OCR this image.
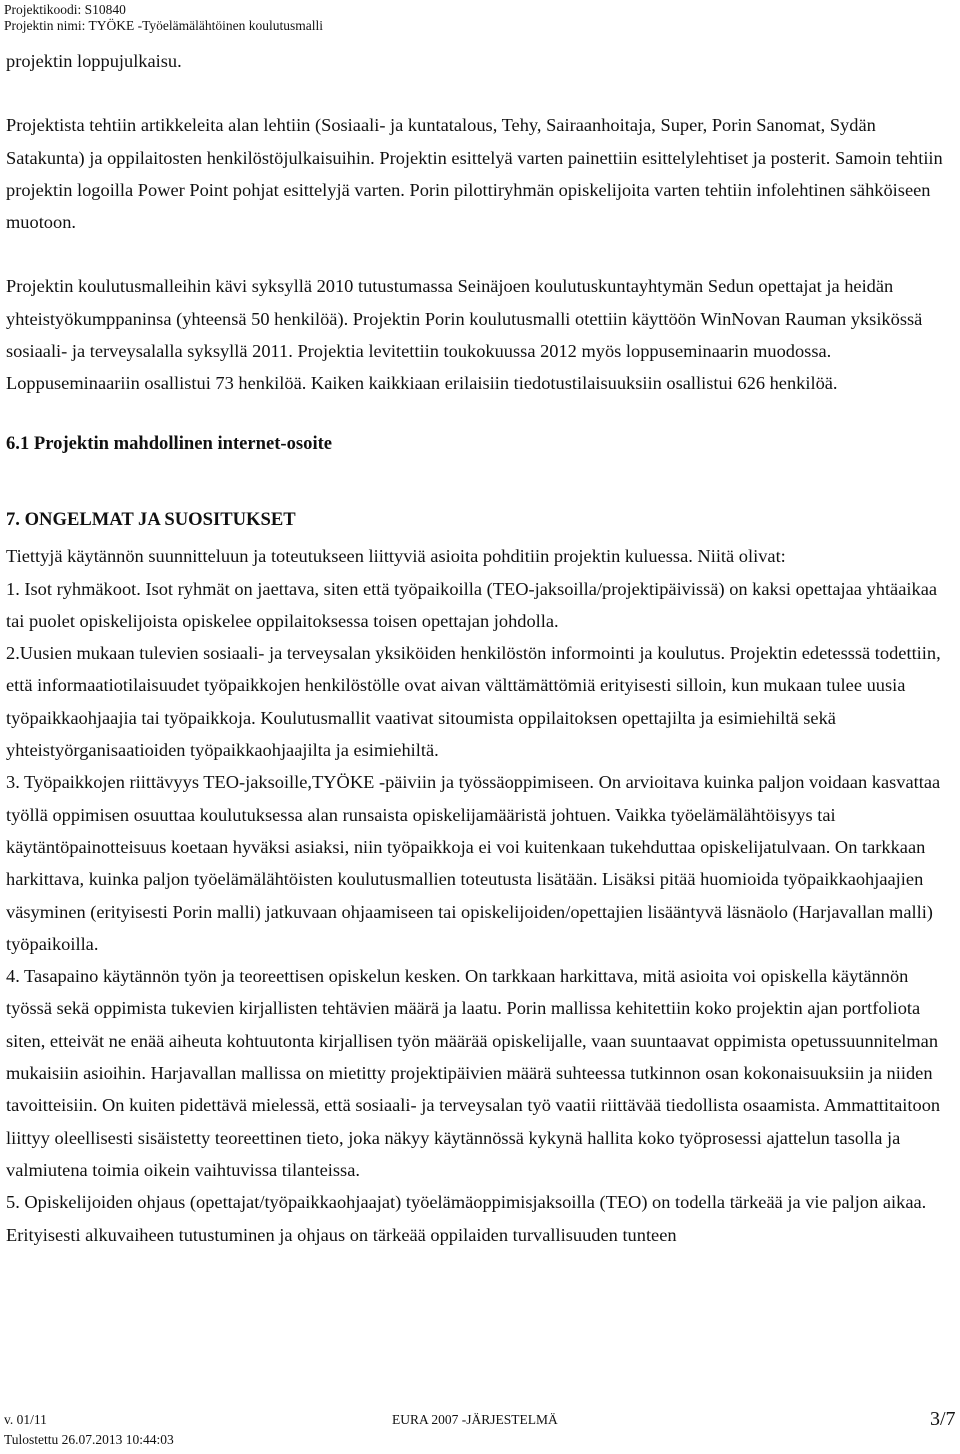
Projektikoodi: S10840
Projektin nimi: TYÖKE -Työelämälähtöinen koulutusmalli

projektin loppujulkaisu.

Projektista tehtiin artikkeleita alan lehtiin (Sosiaali- ja kuntatalous, Tehy, Sairaanhoitaja, Super, Porin Sanomat, Sydän Satakunta) ja oppilaitosten henkilöstöjulkaisuihin. Projektin esittelyä varten painettiin esittelylehtiset ja posterit. Samoin tehtiin projektin logoilla Power Point pohjat esittelyjä varten. Porin pilottiryhmän opiskelijoita varten tehtiin infolehtinen sähköiseen muotoon.

Projektin koulutusmalleihin kävi syksyllä 2010 tutustumassa Seinäjoen koulutuskuntayhtymän Sedun opettajat ja heidän yhteistyökumppaninsa (yhteensä 50 henkilöä). Projektin Porin koulutusmalli otettiin käyttöön WinNovan Rauman yksikössä sosiaali- ja terveysalalla syksyllä 2011. Projektia levitettiin toukokuussa 2012 myös loppuseminaarin muodossa. Loppuseminaariin osallistui 73 henkilöä. Kaiken kaikkiaan erilaisiin tiedotustilaisuuksiin osallistui 626 henkilöä.

6.1 Projektin mahdollinen internet-osoite
7. ONGELMAT JA SUOSITUKSET

Tiettyjä käytännön suunnitteluun ja toteutukseen liittyviä asioita pohditiin projektin kuluessa. Niitä olivat:

1. Isot ryhmäkoot. Isot ryhmät on jaettava, siten että työpaikoilla (TEO-jaksoilla/projektipäivissä) on kaksi opettajaa yhtäaikaa tai puolet opiskelijoista opiskelee oppilaitoksessa toisen opettajan johdolla.

2.Uusien mukaan tulevien sosiaali- ja terveysalan yksiköiden henkilöstön informointi ja koulutus. Projektin edetesssä todettiin, että informaatiotilaisuudet työpaikkojen henkilöstölle ovat aivan välttämättömiä erityisesti silloin, kun mukaan tulee uusia työpaikkaohjaajia tai työpaikkoja. Koulutusmallit vaativat sitoumista oppilaitoksen opettajilta ja esimiehiltä sekä yhteistyörganisaatioiden työpaikkaohjaajilta ja esimiehiltä.

3. Työpaikkojen riittävyys TEO-jaksoille,TYÖKE -päiviin ja työssäoppimiseen. On arvioitava kuinka paljon voidaan kasvattaa työllä oppimisen osuuttaa koulutuksessa alan runsaista opiskelijamääristä johtuen. Vaikka työelämälähtöisyys tai käytäntöpainotteisuus koetaan hyväksi asiaksi, niin työpaikkoja ei voi kuitenkaan tukehduttaa opiskelijatulvaan. On tarkkaan harkittava, kuinka paljon työelämälähtöisten koulutusmallien toteutusta lisätään. Lisäksi pitää huomioida työpaikkaohjaajien väsyminen (erityisesti Porin malli) jatkuvaan ohjaamiseen tai opiskelijoiden/opettajien lisääntyvä läsnäolo (Harjavallan malli) työpaikoilla.

4. Tasapaino käytännön työn ja teoreettisen opiskelun kesken. On tarkkaan harkittava, mitä asioita voi opiskella käytännön työssä sekä oppimista tukevien kirjallisten tehtävien määrä ja laatu. Porin mallissa kehitettiin koko projektin ajan portfoliota siten, etteivät ne enää aiheuta kohtuutonta kirjallisen työn määrää opiskelijalle, vaan suuntaavat oppimista opetussuunnitelman mukaisiin asioihin. Harjavallan mallissa on mietitty projektipäivien määrä suhteessa tutkinnon osan kokonaisuuksiin ja niiden tavoitteisiin. On kuiten pidettävä mielessä, että sosiaali- ja terveysalan työ vaatii riittävää tiedollista osaamista. Ammattitaitoon liittyy oleellisesti sisäistetty teoreettinen tieto, joka näkyy käytännössä kykynä hallita koko työprosessi ajattelun tasolla ja valmiutena toimia oikein vaihtuvissa tilanteissa.

5. Opiskelijoiden ohjaus (opettajat/työpaikkaohjaajat) työelämäoppimisjaksoilla (TEO) on todella tärkeää ja vie paljon aikaa. Erityisesti alkuvaiheen tutustuminen ja ohjaus on tärkeää oppilaiden turvallisuuden tunteen

v. 01/11	EURA 2007 -JÄRJESTELMÄ	3/7
Tulostettu 26.07.2013 10:44:03
